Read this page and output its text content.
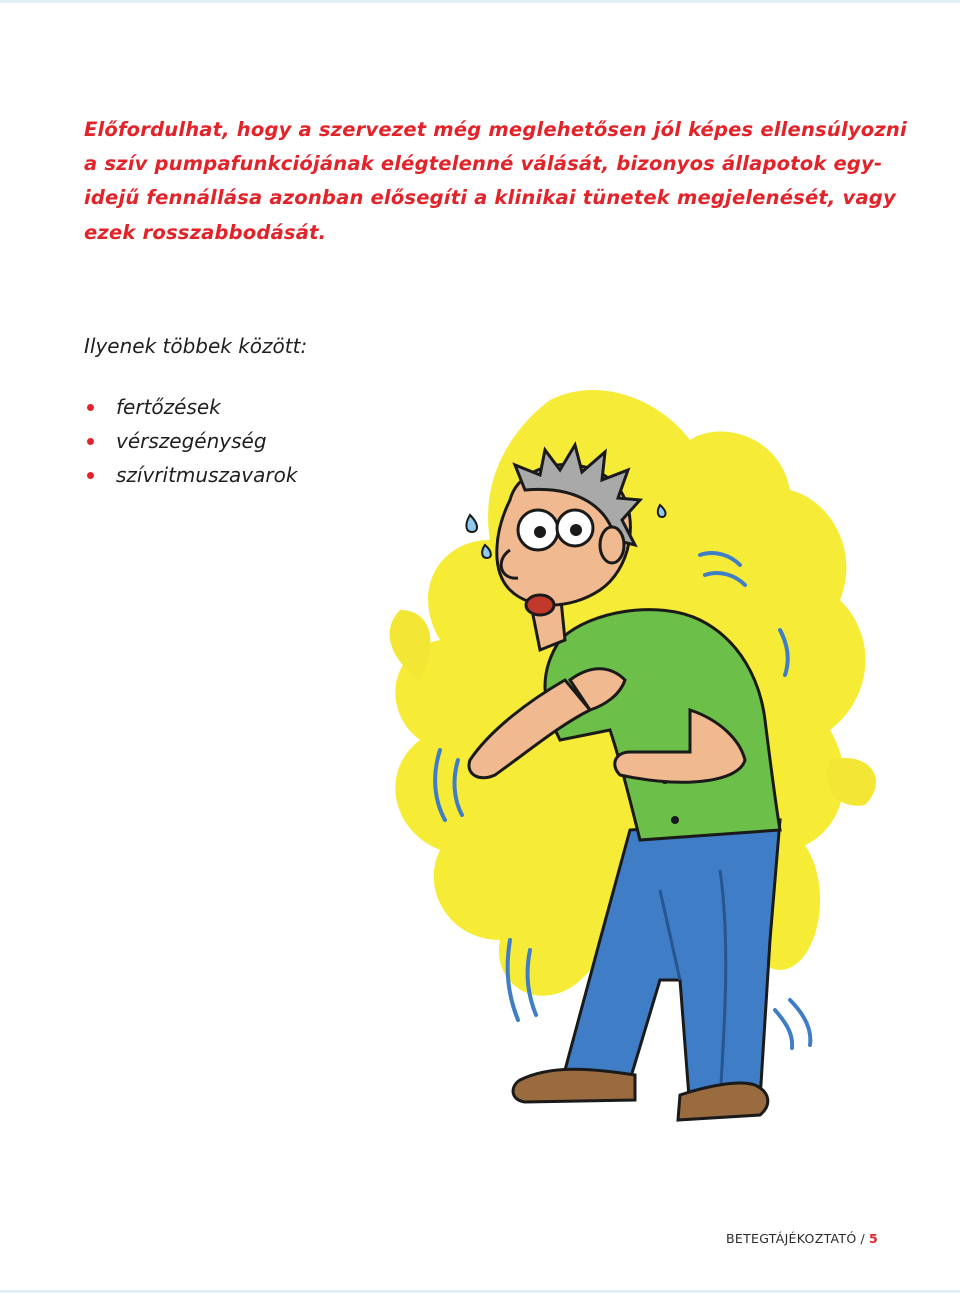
Előfordulhat, hogy a szervezet még meglehetősen jól képes ellensúlyozni
a szív pumpafunkciójának elégtelenné válását, bizonyos állapotok egy-
idejű fennállása azonban elősegíti a klinikai tünetek megjelenését, vagy
ezek rosszabbodását.

Ilyenek többek között:
fertőzések
vérszegénység
szívritmuszavarok
BETEGTÁJÉKOZTATÓ / 5
